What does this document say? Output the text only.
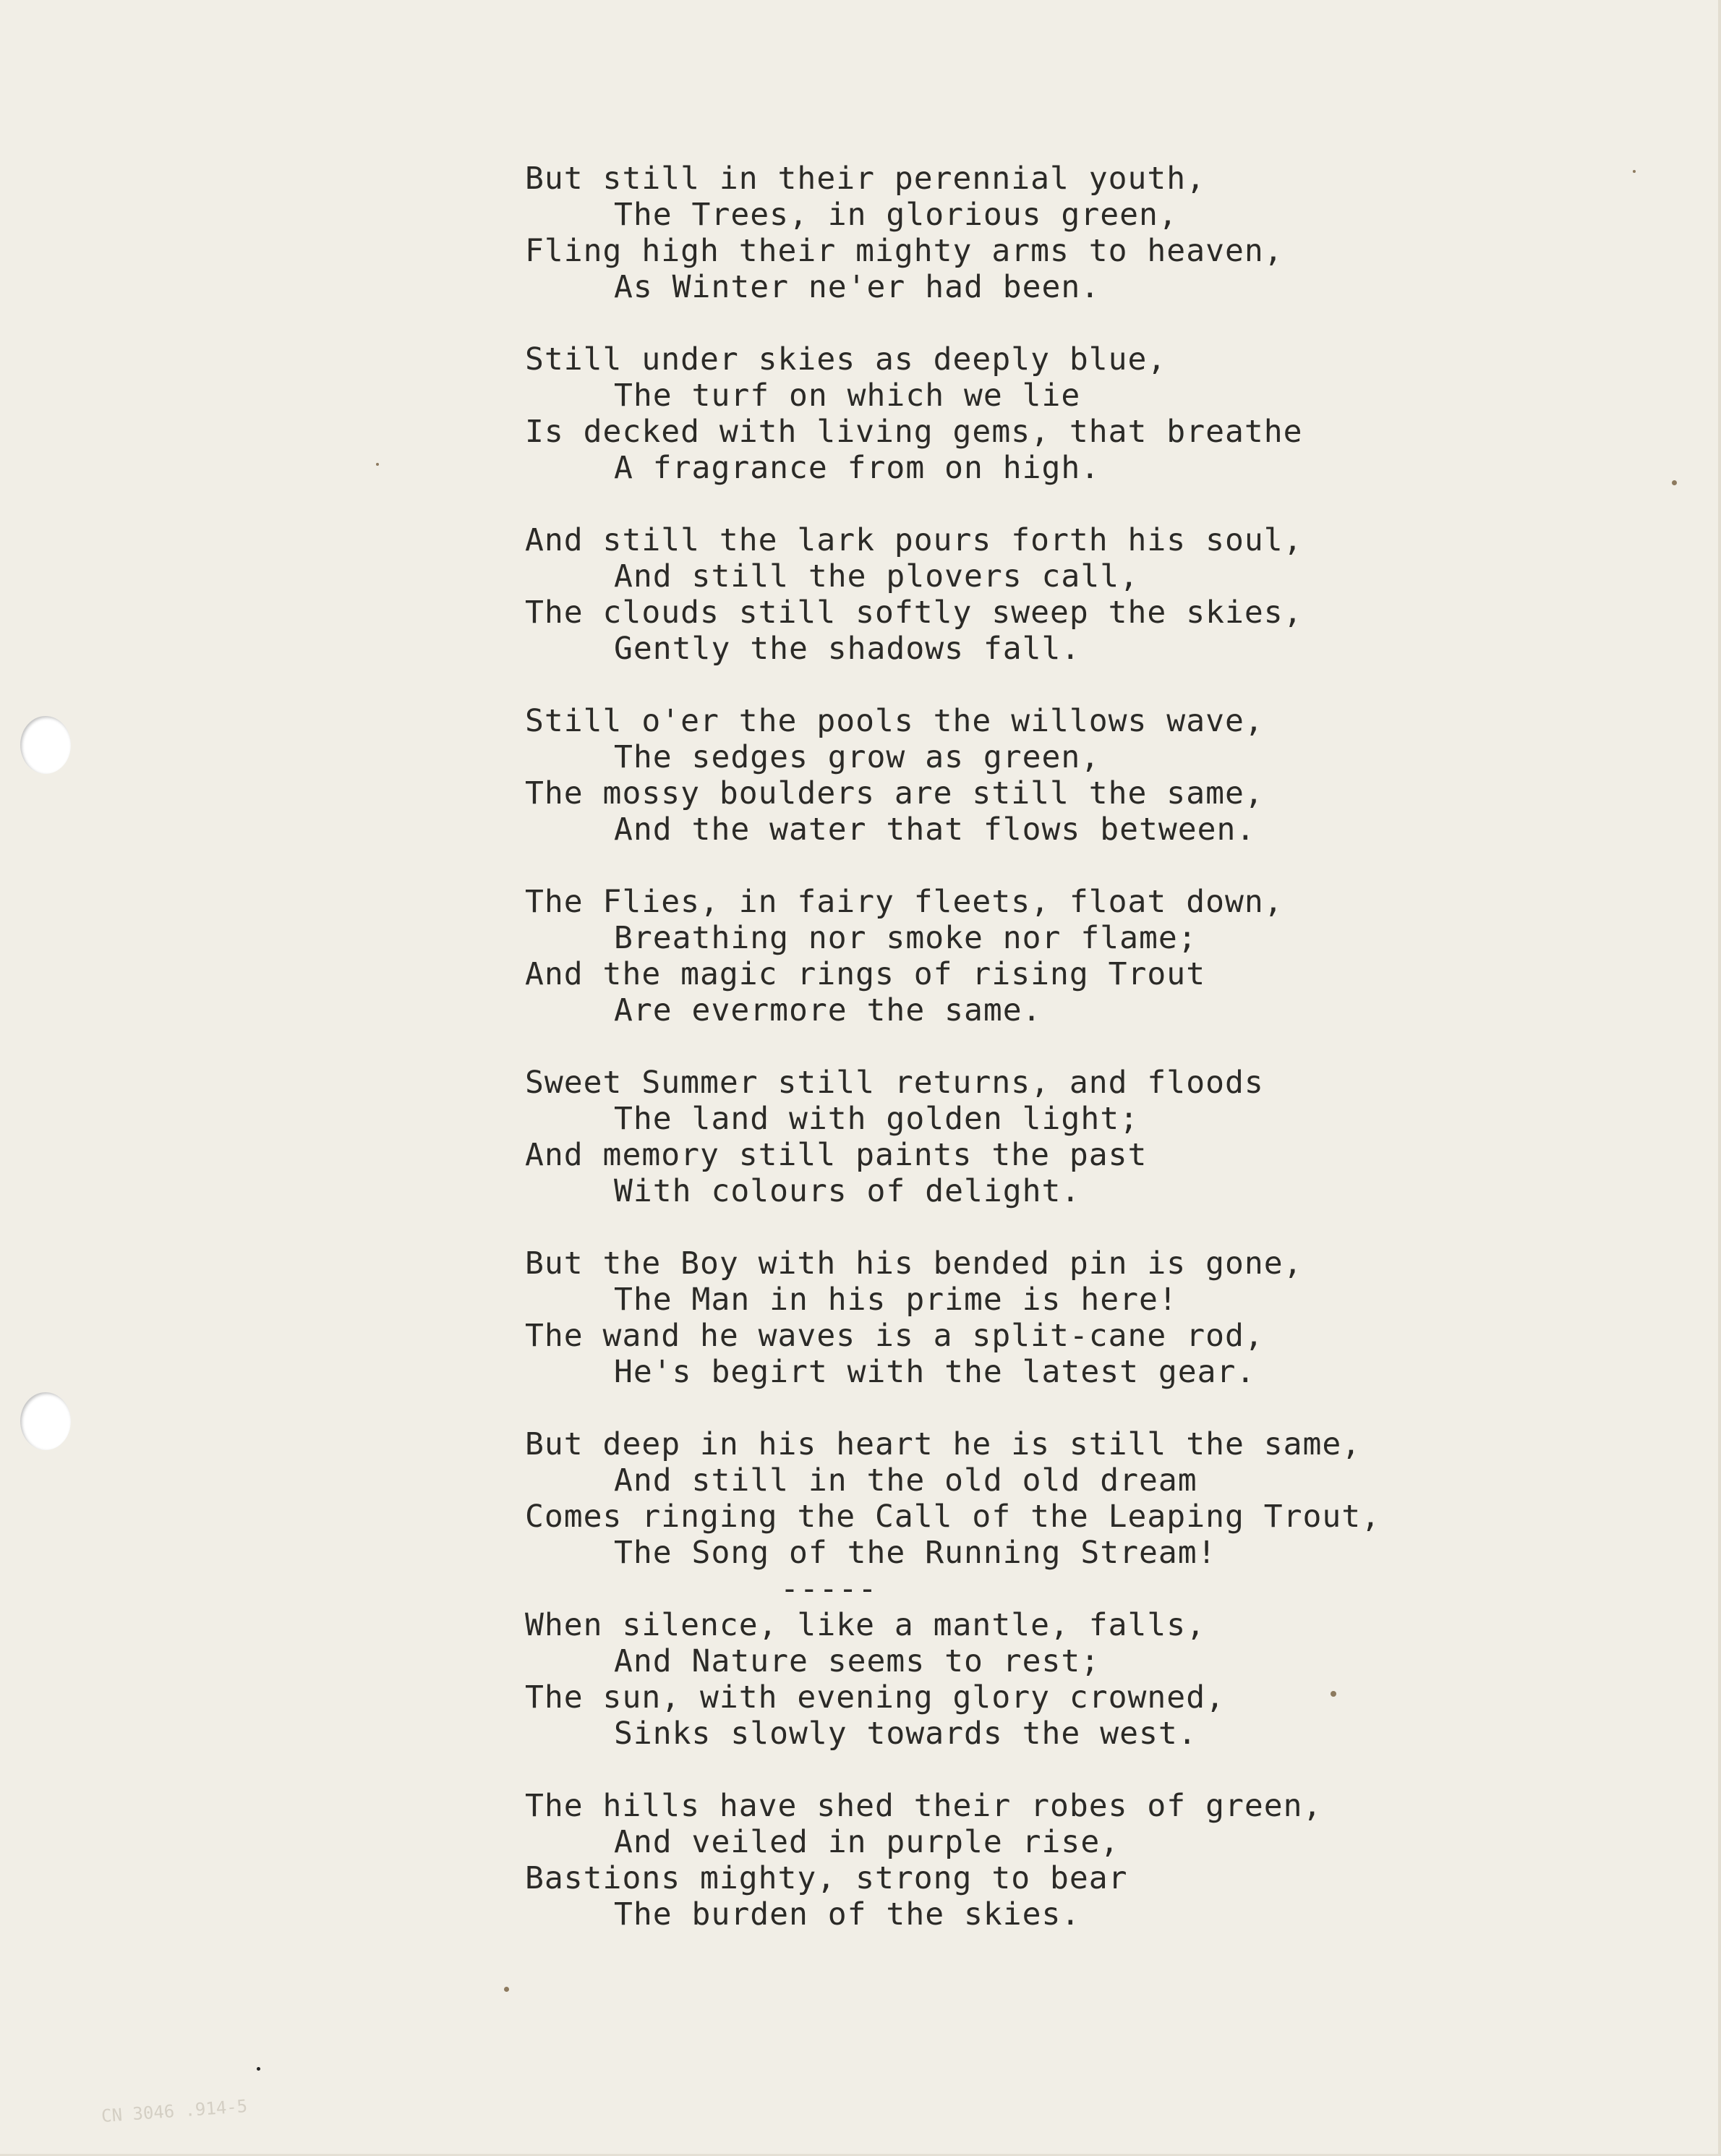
But still in their perennial youth,
The Trees, in glorious green,
Fling high their mighty arms to heaven,
As Winter ne'er had been.
Still under skies as deeply blue,
The turf on which we lie
Is decked with living gems, that breathe
A fragrance from on high.
And still the lark pours forth his soul,
And still the plovers call,
The clouds still softly sweep the skies,
Gently the shadows fall.
Still o'er the pools the willows wave,
The sedges grow as green,
The mossy boulders are still the same,
And the water that flows between.
The Flies, in fairy fleets, float down,
Breathing nor smoke nor flame;
And the magic rings of rising Trout
Are evermore the same.
Sweet Summer still returns, and floods
The land with golden light;
And memory still paints the past
With colours of delight.
But the Boy with his bended pin is gone,
The Man in his prime is here!
The wand he waves is a split-cane rod,
He's begirt with the latest gear.
But deep in his heart he is still the same,
And still in the old old dream
Comes ringing the Call of the Leaping Trout,
The Song of the Running Stream!
-----
When silence, like a mantle, falls,
And Nature seems to rest;
The sun, with evening glory crowned,
Sinks slowly towards the west.
The hills have shed their robes of green,
And veiled in purple rise,
Bastions mighty, strong to bear
The burden of the skies.
CN 3046 .914-5
